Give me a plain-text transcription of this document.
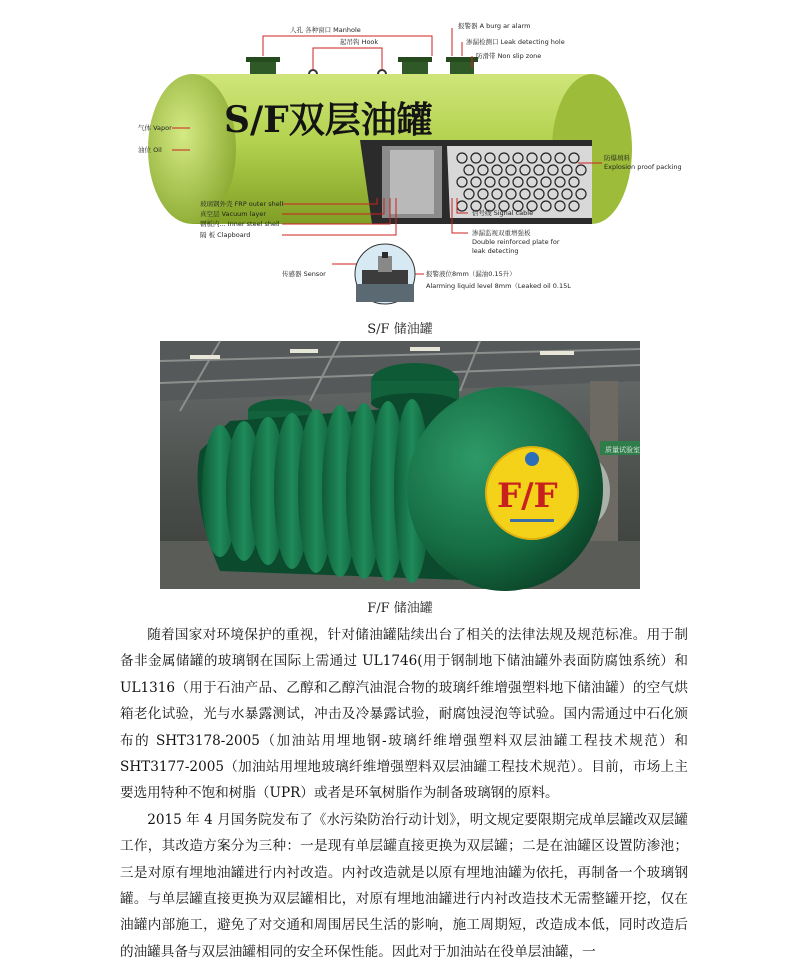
S/F双层油罐
人孔 各种窗口 Manhole
起吊钩 Hook
报警器 A burg ar alarm
渗漏检测口 Leak detecting hole
防滑带 Non slip zone
气体 Vapor
油位 Oil
防爆填料
Explosion proof packing
玻璃钢外壳 FRP outer shell
真空层 Vacuum layer
钢板内... Inner steel shell
隔 板 Clapboard
信号线 Signal cable
渗漏监视双重增强板
Double reinforced plate for
leak detecting
传感器 Sensor	报警液位8mm（漏油0.15升）
Alarming liquid level 8mm（Leaked oil 0.15L
S/F 储油罐
质量试验室
F/F
F/F 储油罐

随着国家对环境保护的重视，针对储油罐陆续出台了相关的法律法规及规范标准。用于制备非金属储罐的玻璃钢在国际上需通过 UL1746(用于钢制地下储油罐外表面防腐蚀系统）和 UL1316（用于石油产品、乙醇和乙醇汽油混合物的玻璃纤维增强塑料地下储油罐）的空气烘箱老化试验，光与水暴露测试，冲击及冷暴露试验，耐腐蚀浸泡等试验。国内需通过中石化颁布的 SHT3178-2005（加油站用埋地钢-玻璃纤维增强塑料双层油罐工程技术规范）和 SHT3177-2005（加油站用埋地玻璃纤维增强塑料双层油罐工程技术规范）。目前，市场上主要选用特种不饱和树脂（UPR）或者是环氧树脂作为制备玻璃钢的原料。

2015 年 4 月国务院发布了《水污染防治行动计划》，明文规定要限期完成单层罐改双层罐工作，其改造方案分为三种：一是现有单层罐直接更换为双层罐；二是在油罐区设置防渗池；三是对原有埋地油罐进行内衬改造。内衬改造就是以原有埋地油罐为依托，再制备一个玻璃钢罐。与单层罐直接更换为双层罐相比，对原有埋地油罐进行内衬改造技术无需整罐开挖，仅在油罐内部施工，避免了对交通和周围居民生活的影响，施工周期短，改造成本低，同时改造后的油罐具备与双层油罐相同的安全环保性能。因此对于加油站在役单层油罐，一
